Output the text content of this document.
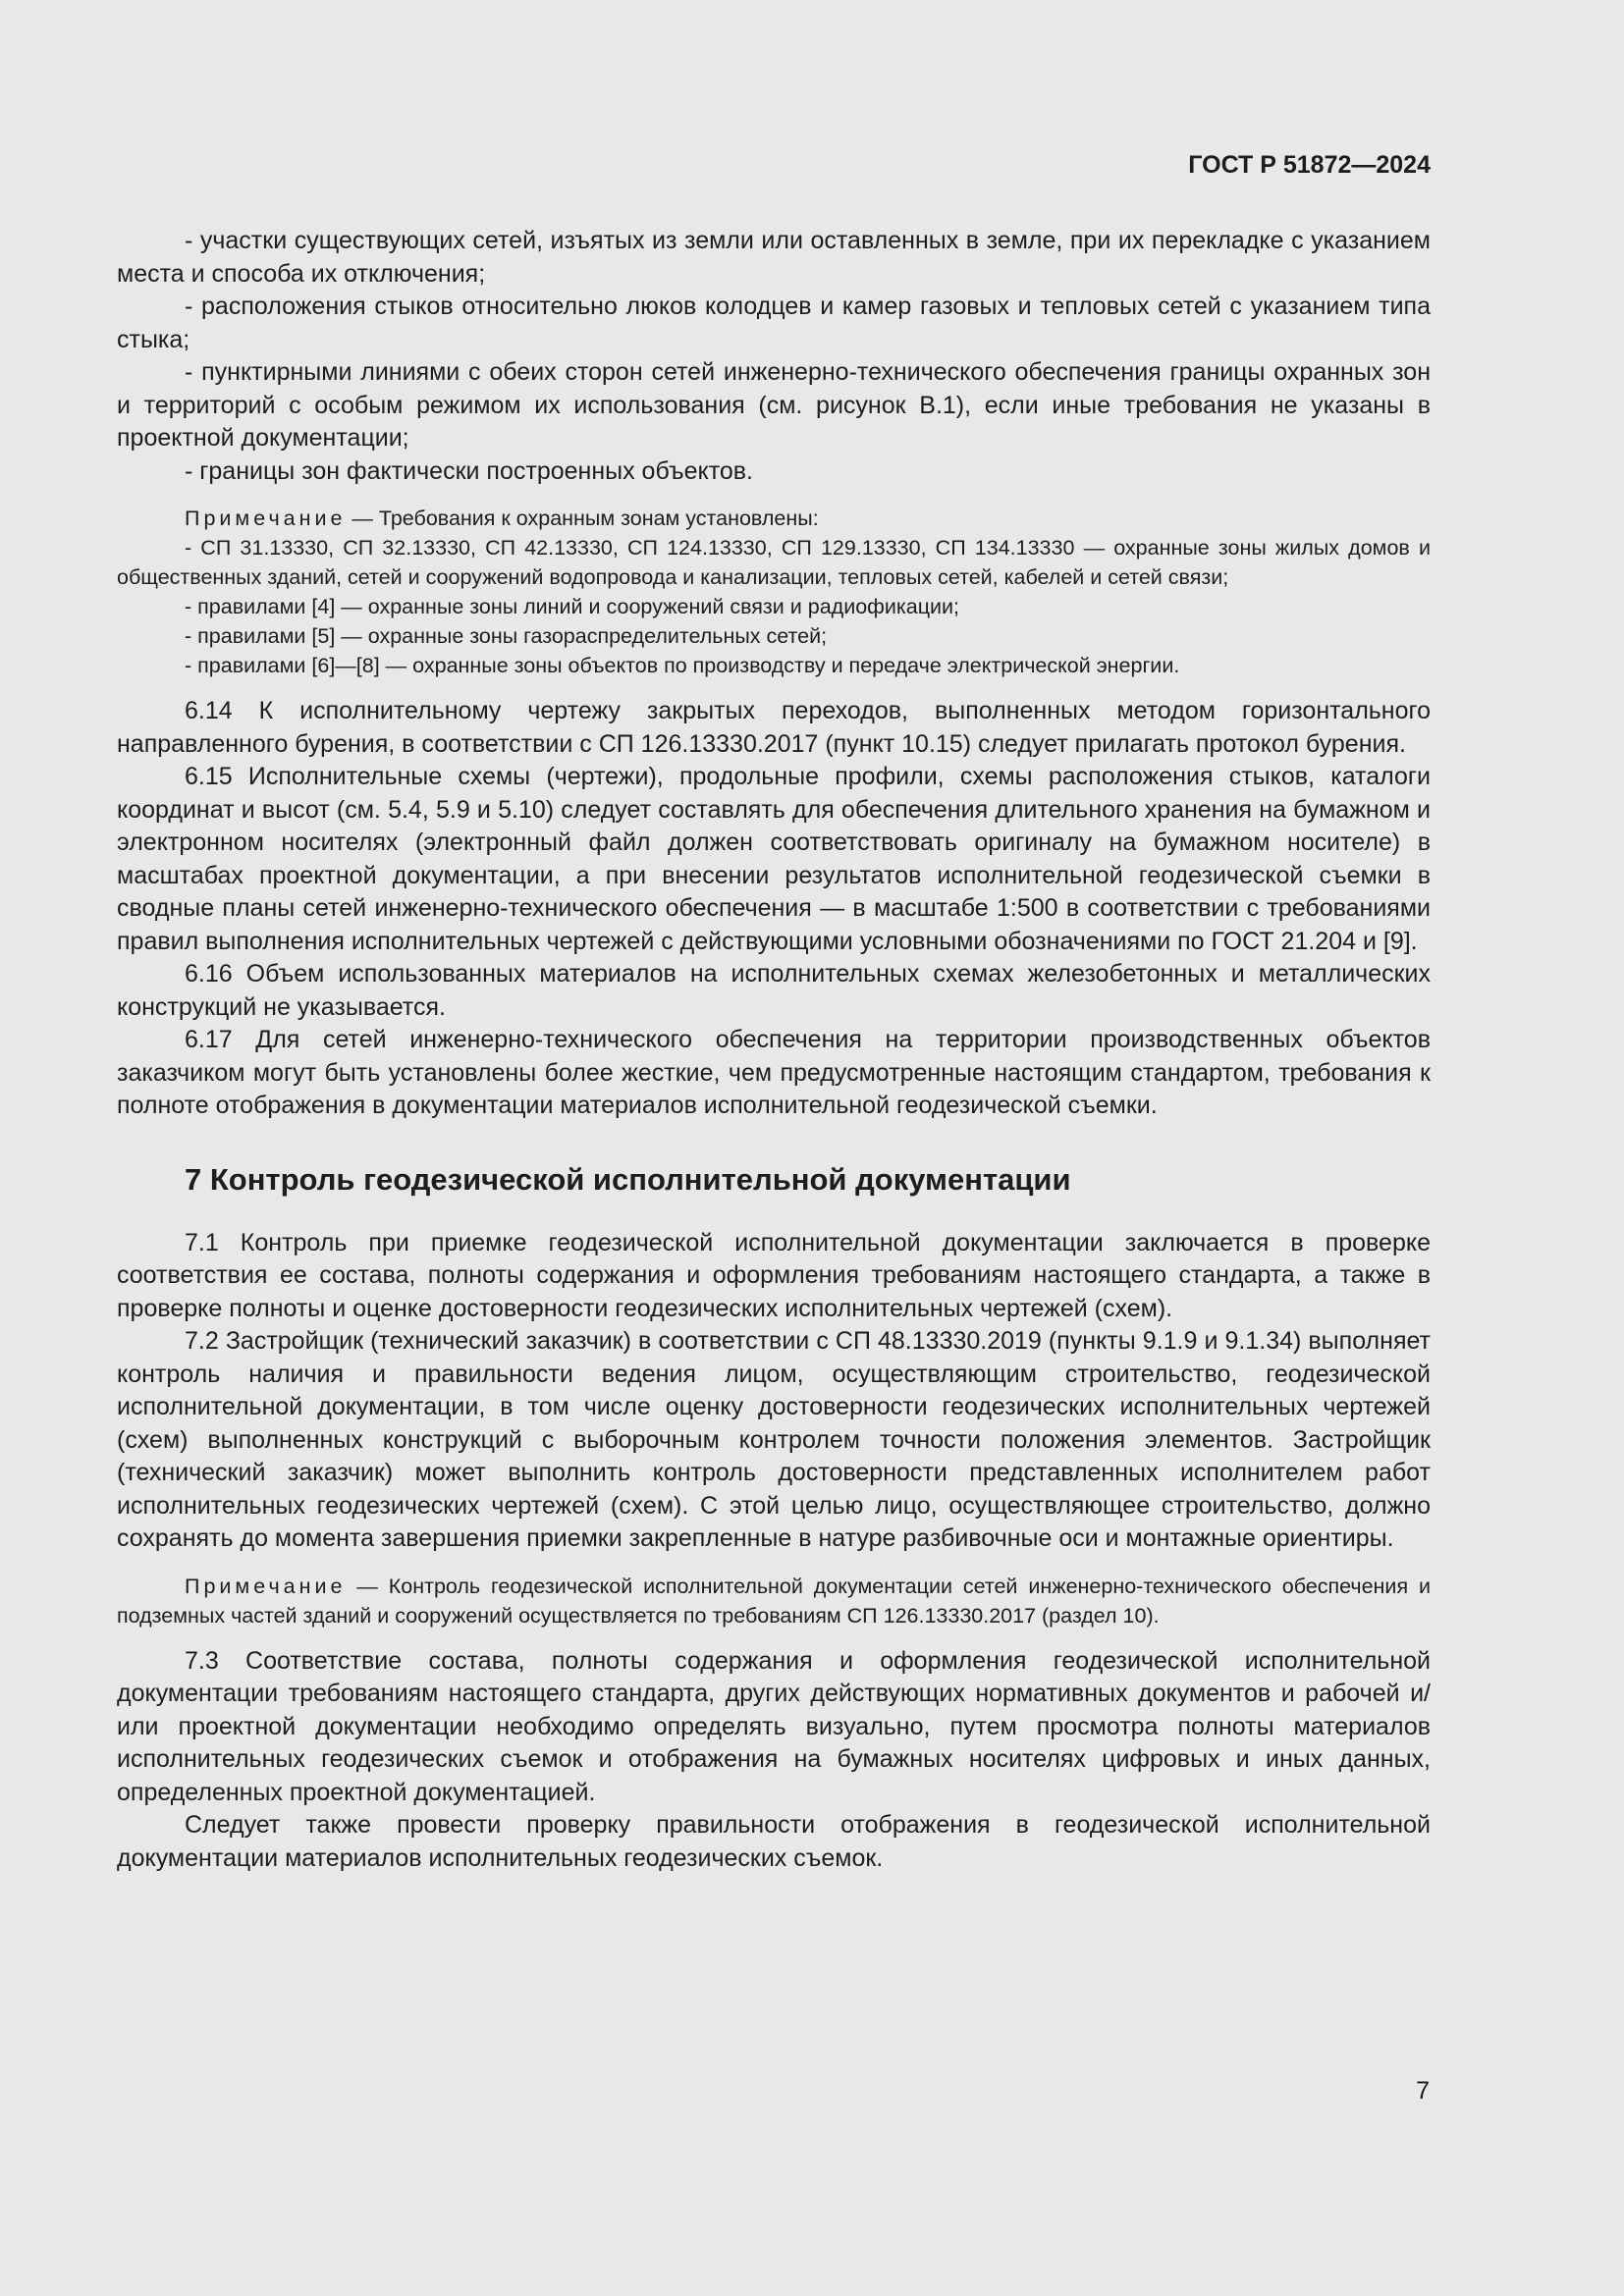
ГОСТ Р 51872—2024

- участки существующих сетей, изъятых из земли или оставленных в земле, при их перекладке с указанием места и способа их отключения;

- расположения стыков относительно люков колодцев и камер газовых и тепловых сетей с указанием типа стыка;

- пунктирными линиями с обеих сторон сетей инженерно-технического обеспечения границы охранных зон и территорий с особым режимом их использования (см. рисунок В.1), если иные требования не указаны в проектной документации;

- границы зон фактически построенных объектов.

Примечание — Требования к охранным зонам установлены:

- СП 31.13330, СП 32.13330, СП 42.13330, СП 124.13330, СП 129.13330, СП 134.13330 — охранные зоны жилых домов и общественных зданий, сетей и сооружений водопровода и канализации, тепловых сетей, кабелей и сетей связи;

- правилами [4] — охранные зоны линий и сооружений связи и радиофикации;

- правилами [5] — охранные зоны газораспределительных сетей;

- правилами [6]—[8] — охранные зоны объектов по производству и передаче электрической энергии.

6.14 К исполнительному чертежу закрытых переходов, выполненных методом горизонтального направленного бурения, в соответствии с СП 126.13330.2017 (пункт 10.15) следует прилагать протокол бурения.

6.15 Исполнительные схемы (чертежи), продольные профили, схемы расположения стыков, каталоги координат и высот (см. 5.4, 5.9 и 5.10) следует составлять для обеспечения длительного хранения на бумажном и электронном носителях (электронный файл должен соответствовать оригиналу на бумажном носителе) в масштабах проектной документации, а при внесении результатов исполнительной геодезической съемки в сводные планы сетей инженерно-технического обеспечения — в масштабе 1:500 в соответствии с требованиями правил выполнения исполнительных чертежей с действующими условными обозначениями по ГОСТ 21.204 и [9].

6.16 Объем использованных материалов на исполнительных схемах железобетонных и металлических конструкций не указывается.

6.17 Для сетей инженерно-технического обеспечения на территории производственных объектов заказчиком могут быть установлены более жесткие, чем предусмотренные настоящим стандартом, требования к полноте отображения в документации материалов исполнительной геодезической съемки.

7 Контроль геодезической исполнительной документации

7.1 Контроль при приемке геодезической исполнительной документации заключается в проверке соответствия ее состава, полноты содержания и оформления требованиям настоящего стандарта, а также в проверке полноты и оценке достоверности геодезических исполнительных чертежей (схем).

7.2 Застройщик (технический заказчик) в соответствии с СП 48.13330.2019 (пункты 9.1.9 и 9.1.34) выполняет контроль наличия и правильности ведения лицом, осуществляющим строительство, геодезической исполнительной документации, в том числе оценку достоверности геодезических исполнительных чертежей (схем) выполненных конструкций с выборочным контролем точности положения элементов. Застройщик (технический заказчик) может выполнить контроль достоверности представленных исполнителем работ исполнительных геодезических чертежей (схем). С этой целью лицо, осуществляющее строительство, должно сохранять до момента завершения приемки закрепленные в натуре разбивочные оси и монтажные ориентиры.

Примечание — Контроль геодезической исполнительной документации сетей инженерно-технического обеспечения и подземных частей зданий и сооружений осуществляется по требованиям СП 126.13330.2017 (раздел 10).

7.3 Соответствие состава, полноты содержания и оформления геодезической исполнительной документации требованиям настоящего стандарта, других действующих нормативных документов и рабочей и/или проектной документации необходимо определять визуально, путем просмотра полноты материалов исполнительных геодезических съемок и отображения на бумажных носителях цифровых и иных данных, определенных проектной документацией.

Следует также провести проверку правильности отображения в геодезической исполнительной документации материалов исполнительных геодезических съемок.

7
